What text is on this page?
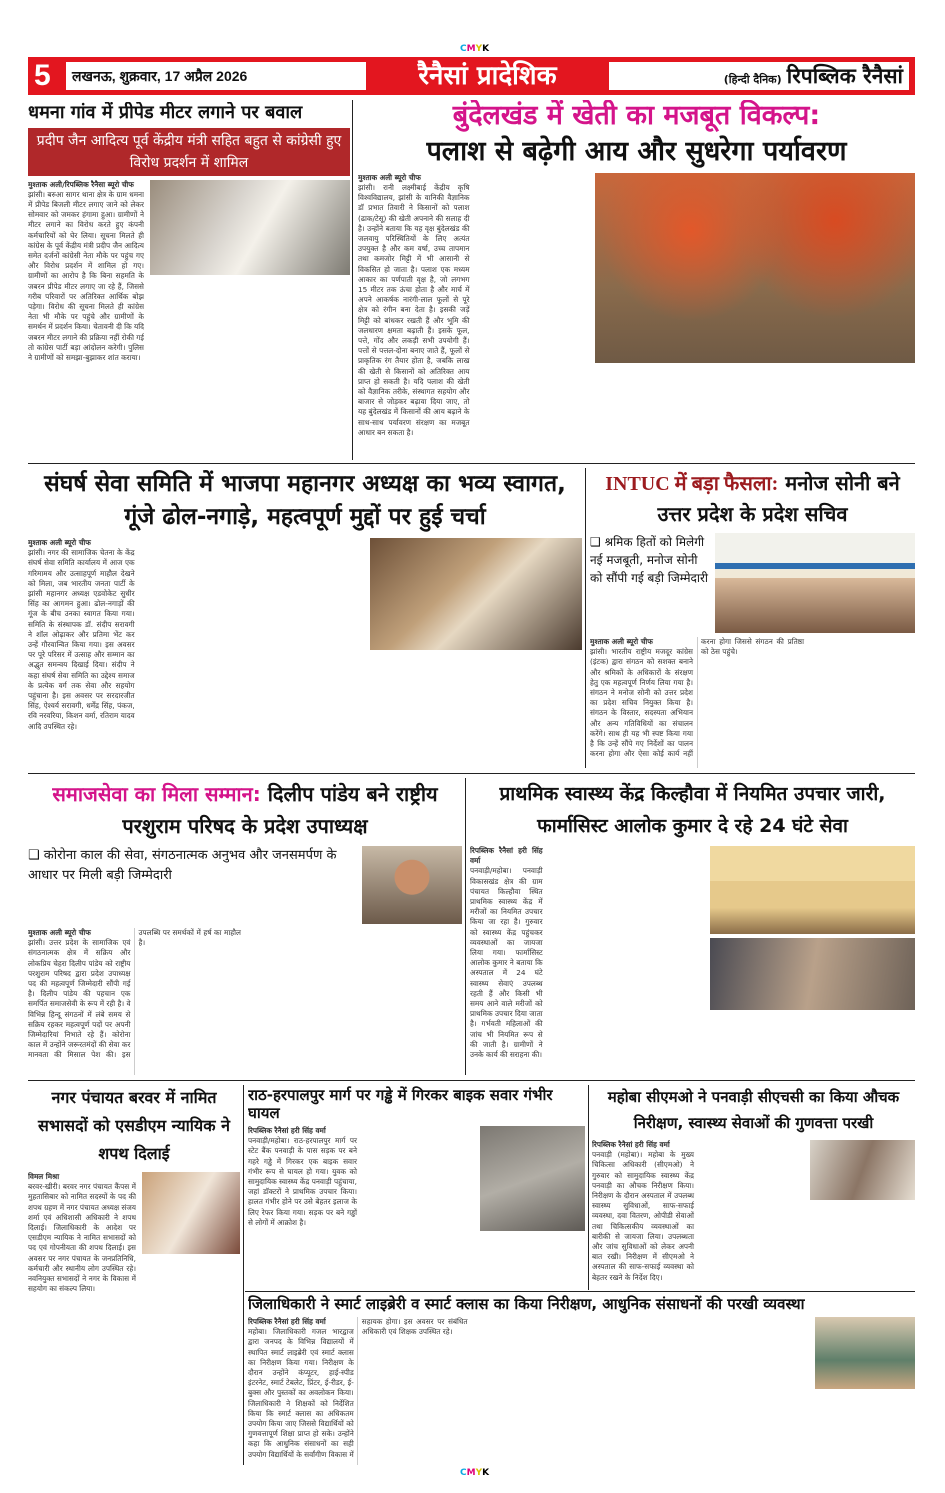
CMYK
5	लखनऊ, शुक्रवार, 17 अप्रैल 2026	रैनैसां प्रादेशिक	(हिन्दी दैनिक) रिपब्लिक रैनैसां
धमना गांव में प्रीपेड मीटर लगाने पर बवाल
प्रदीप जैन आदित्य पूर्व केंद्रीय मंत्री सहित बहुत से कांग्रेसी हुए विरोध प्रदर्शन में शामिल
मुश्ताक अली/रिपब्लिक रैनैसा ब्यूरो चीफ
झांसी। बरुआ सागर थाना क्षेत्र के ग्राम धमना में प्रीपेड बिजली मीटर लगाए जाने को लेकर सोमवार को जमकर हंगामा हुआ। ग्रामीणों ने मीटर लगाने का विरोध करते हुए कंपनी कर्मचारियों को घेर लिया। सूचना मिलते ही कांग्रेस के पूर्व केंद्रीय मंत्री प्रदीप जैन आदित्य समेत दर्जनों कांग्रेसी नेता मौके पर पहुंच गए और विरोध प्रदर्शन में शामिल हो गए। ग्रामीणों का आरोप है कि बिना सहमति के जबरन प्रीपेड मीटर लगाए जा रहे हैं, जिससे गरीब परिवारों पर अतिरिक्त आर्थिक बोझ पड़ेगा। विरोध की सूचना मिलते ही कांग्रेस नेता भी मौके पर पहुंचे और ग्रामीणों के समर्थन में प्रदर्शन किया। चेतावनी दी कि यदि जबरन मीटर लगाने की प्रक्रिया नहीं रोकी गई तो कांग्रेस पार्टी बड़ा आंदोलन करेगी। पुलिस ने ग्रामीणों को समझा-बुझाकर शांत कराया।
बुंदेलखंड में खेती का मजबूत विकल्प:
पलाश से बढ़ेगी आय और सुधरेगा पर्यावरण
मुश्ताक अली ब्यूरो चीफ
झांसी। रानी लक्ष्मीबाई केंद्रीय कृषि विश्वविद्यालय, झांसी के वानिकी वैज्ञानिक डॉ प्रभात तिवारी ने किसानों को पलाश (ढाक/टेसू) की खेती अपनाने की सलाह दी है। उन्होंने बताया कि यह वृक्ष बुंदेलखंड की जलवायु परिस्थितियों के लिए अत्यंत उपयुक्त है और कम वर्षा, उच्च तापमान तथा कमजोर मिट्टी में भी आसानी से विकसित हो जाता है। पलाश एक मध्यम आकार का पर्णपाती वृक्ष है, जो लगभग 15 मीटर तक ऊंचा होता है और मार्च में अपने आकर्षक नारंगी-लाल फूलों से पूरे क्षेत्र को रंगीन बना देता है। इसकी जड़ें मिट्टी को बांधकर रखती हैं और भूमि की जलधारण क्षमता बढ़ाती हैं। इसके फूल, पत्ते, गोंद और लकड़ी सभी उपयोगी हैं। पत्तों से पत्तल-दोना बनाए जाते हैं, फूलों से प्राकृतिक रंग तैयार होता है, जबकि लाख की खेती से किसानों को अतिरिक्त आय प्राप्त हो सकती है। यदि पलाश की खेती को वैज्ञानिक तरीके, संस्थागत सहयोग और बाजार से जोड़कर बढ़ावा दिया जाए, तो यह बुंदेलखंड में किसानों की आय बढ़ाने के साथ-साथ पर्यावरण संरक्षण का मजबूत आधार बन सकता है।
संघर्ष सेवा समिति में भाजपा महानगर अध्यक्ष का भव्य स्वागत, गूंजे ढोल-नगाड़े, महत्वपूर्ण मुद्दों पर हुई चर्चा
मुश्ताक अली ब्यूरो चीफ
झांसी। नगर की सामाजिक चेतना के केंद्र संघर्ष सेवा समिति कार्यालय में आज एक गरिमामय और उत्साहपूर्ण माहौल देखने को मिला, जब भारतीय जनता पार्टी के झांसी महानगर अध्यक्ष एडवोकेट सुधीर सिंह का आगमन हुआ। ढोल-नगाड़ों की गूंज के बीच उनका स्वागत किया गया। समिति के संस्थापक डॉ. संदीप सरावगी ने शॉल ओढ़ाकर और प्रतिमा भेंट कर उन्हें गौरवान्वित किया गया। इस अवसर पर पूरे परिसर में उत्साह और सम्मान का अद्भुत समन्वय दिखाई दिया। संदीप ने कहा संघर्ष सेवा समिति का उद्देश्य समाज के प्रत्येक वर्ग तक सेवा और सहयोग पहुंचाना है। इस अवसर पर सरदारजीत सिंह, ऐश्वर्य सरावगी, धर्मेंद्र सिंह, पंकज, रवि नरवरिया, किशन वर्मा, रतिराम यादव आदि उपस्थित रहे।
INTUC में बड़ा फैसला: मनोज सोनी बने उत्तर प्रदेश के प्रदेश सचिव
❑ श्रमिक हितों को मिलेगी नई मजबूती, मनोज सोनी को सौंपी गई बड़ी जिम्मेदारी
मुश्ताक अली ब्यूरो चीफ
झांसी। भारतीय राष्ट्रीय मजदूर कांग्रेस (इंटक) द्वारा संगठन को सशक्त बनाने और श्रमिकों के अधिकारों के संरक्षण हेतु एक महत्वपूर्ण निर्णय लिया गया है। संगठन ने मनोज सोनी को उत्तर प्रदेश का प्रदेश सचिव नियुक्त किया है। संगठन के विस्तार, सदस्यता अभियान और अन्य गतिविधियों का संचालन करेंगे। साथ ही यह भी स्पष्ट किया गया है कि उन्हें सौंपे गए निर्देशों का पालन करना होगा और ऐसा कोई कार्य नहीं करना होगा जिससे संगठन की प्रतिष्ठा को ठेस पहुंचे।
समाजसेवा का मिला सम्मान: दिलीप पांडेय बने राष्ट्रीय परशुराम परिषद के प्रदेश उपाध्यक्ष
❑ कोरोना काल की सेवा, संगठनात्मक अनुभव और जनसमर्पण के आधार पर मिली बड़ी जिम्मेदारी
मुश्ताक अली ब्यूरो चीफ
झांसी। उत्तर प्रदेश के सामाजिक एवं संगठनात्मक क्षेत्र में सक्रिय और लोकप्रिय चेहरा दिलीप पांडेय को राष्ट्रीय परशुराम परिषद द्वारा प्रदेश उपाध्यक्ष पद की महत्वपूर्ण जिम्मेदारी सौंपी गई है। दिलीप पांडेय की पहचान एक समर्पित समाजसेवी के रूप में रही है। वे विभिन्न हिन्दू संगठनों में लंबे समय से सक्रिय रहकर महत्वपूर्ण पदों पर अपनी जिम्मेदारियां निभाते रहे हैं। कोरोना काल में उन्होंने जरूरतमंदों की सेवा कर मानवता की मिसाल पेश की। इस उपलब्धि पर समर्थकों में हर्ष का माहौल है।
प्राथमिक स्वास्थ्य केंद्र किल्हौवा में नियमित उपचार जारी, फार्मासिस्ट आलोक कुमार दे रहे 24 घंटे सेवा
रिपब्लिक रैनैसां हरी सिंह वर्मा
पनवाड़ी/महोबा। पनवाड़ी विकासखंड क्षेत्र की ग्राम पंचायत किल्हौवा स्थित प्राथमिक स्वास्थ्य केंद्र में मरीजों का नियमित उपचार किया जा रहा है। गुरुवार को स्वास्थ्य केंद्र पहुंचकर व्यवस्थाओं का जायजा लिया गया। फार्मासिस्ट आलोक कुमार ने बताया कि अस्पताल में 24 घंटे स्वास्थ्य सेवाएं उपलब्ध रहती हैं और किसी भी समय आने वाले मरीजों को प्राथमिक उपचार दिया जाता है। गर्भवती महिलाओं की जांच भी नियमित रूप से की जाती है। ग्रामीणों ने उनके कार्य की सराहना की।
नगर पंचायत बरवर में नामित सभासदों को एसडीएम न्यायिक ने शपथ दिलाई
विमल मिश्रा
बरवर-खीरी। बरवर नगर पंचायत कैंपस में मुहतासिबार को नामित सदस्यों के पद की शपथ ग्रहण में नगर पंचायत अध्यक्ष संजय शर्मा एवं अधिशासी अधिकारी ने शपथ दिलाई। जिलाधिकारी के आदेश पर एसडीएम न्यायिक ने नामित सभासदों को पद एवं गोपनीयता की शपथ दिलाई। इस अवसर पर नगर पंचायत के जनप्रतिनिधि, कर्मचारी और स्थानीय लोग उपस्थित रहे। नवनियुक्त सभासदों ने नगर के विकास में सहयोग का संकल्प लिया।
राठ-हरपालपुर मार्ग पर गड्ढे में गिरकर बाइक सवार गंभीर घायल
रिपब्लिक रैनैसां हरी सिंह वर्मा
पनवाड़ी/महोबा। राठ-हरपालपुर मार्ग पर स्टेट बैंक पनवाड़ी के पास सड़क पर बने गहरे गड्ढे में गिरकर एक बाइक सवार गंभीर रूप से घायल हो गया। युवक को सामुदायिक स्वास्थ्य केंद्र पनवाड़ी पहुंचाया, जहां डॉक्टरों ने प्राथमिक उपचार किया। हालत गंभीर होने पर उसे बेहतर इलाज के लिए रेफर किया गया। सड़क पर बने गड्ढों से लोगों में आक्रोश है।
महोबा सीएमओ ने पनवाड़ी सीएचसी का किया औचक निरीक्षण, स्वास्थ्य सेवाओं की गुणवत्ता परखी
रिपब्लिक रैनैसां हरी सिंह वर्मा
पनवाड़ी (महोबा)। महोबा के मुख्य चिकित्सा अधिकारी (सीएमओ) ने गुरुवार को सामुदायिक स्वास्थ्य केंद्र पनवाड़ी का औचक निरीक्षण किया। निरीक्षण के दौरान अस्पताल में उपलब्ध स्वास्थ्य सुविधाओं, साफ-सफाई व्यवस्था, दवा वितरण, ओपीडी सेवाओं तथा चिकित्सकीय व्यवस्थाओं का बारीकी से जायजा लिया। उपलब्धता और जांच सुविधाओं को लेकर अपनी बात रखी। निरीक्षण में सीएमओ ने अस्पताल की साफ-सफाई व्यवस्था को बेहतर रखने के निर्देश दिए।
जिलाधिकारी ने स्मार्ट लाइब्रेरी व स्मार्ट क्लास का किया निरीक्षण, आधुनिक संसाधनों की परखी व्यवस्था
रिपब्लिक रैनैसां हरी सिंह वर्मा
महोबा। जिलाधिकारी गजल भारद्वाज द्वारा जनपद के विभिन्न विद्यालयों में स्थापित स्मार्ट लाइब्रेरी एवं स्मार्ट क्लास का निरीक्षण किया गया। निरीक्षण के दौरान उन्होंने कंप्यूटर, हाई-स्पीड इंटरनेट, स्मार्ट टेबलेट, प्रिंटर, ई-रीडर, ई-बुक्स और पुस्तकों का अवलोकन किया। जिलाधिकारी ने शिक्षकों को निर्देशित किया कि स्मार्ट क्लास का अधिकतम उपयोग किया जाए जिससे विद्यार्थियों को गुणवत्तापूर्ण शिक्षा प्राप्त हो सके। उन्होंने कहा कि आधुनिक संसाधनों का सही उपयोग विद्यार्थियों के सर्वांगीण विकास में सहायक होगा। इस अवसर पर संबंधित अधिकारी एवं शिक्षक उपस्थित रहे।
CMYK
